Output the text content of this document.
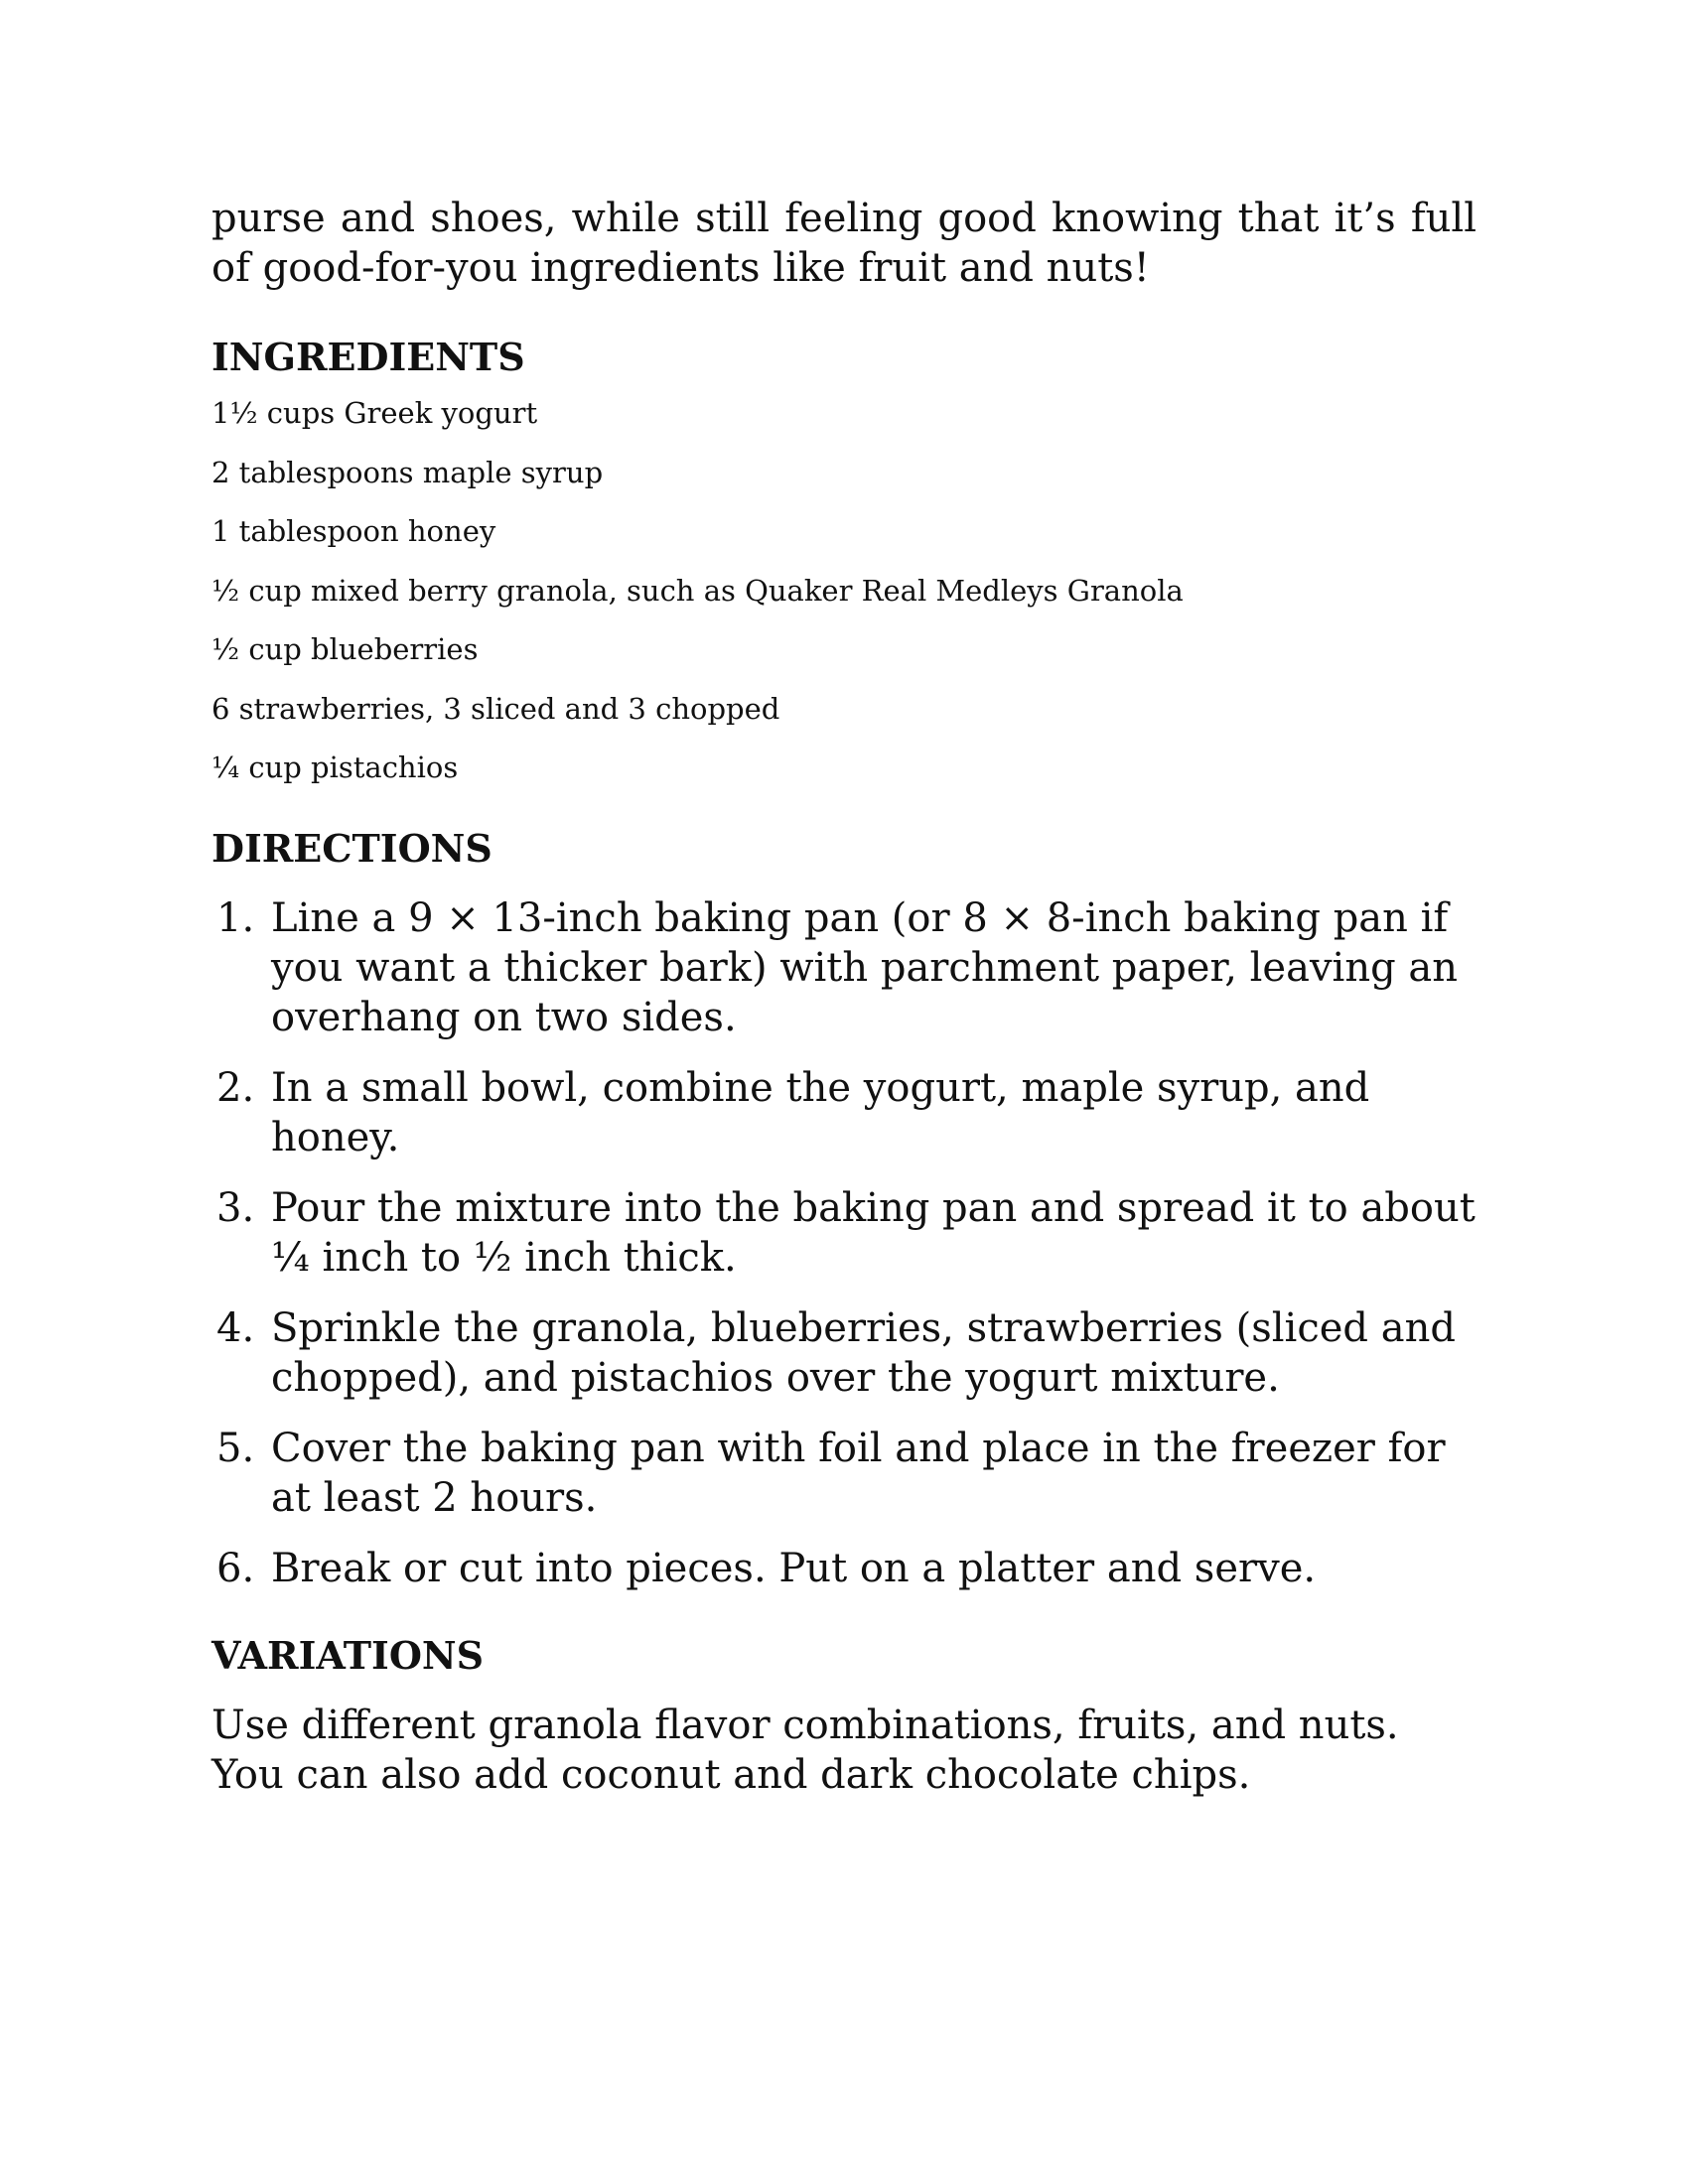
purse and shoes, while still feeling good knowing that it’s full of good-for-you ingredients like fruit and nuts!

INGREDIENTS
1½ cups Greek yogurt
2 tablespoons maple syrup
1 tablespoon honey
½ cup mixed berry granola, such as Quaker Real Medleys Granola
½ cup blueberries
6 strawberries, 3 sliced and 3 chopped
¼ cup pistachios
DIRECTIONS
1. Line a 9 × 13-inch baking pan (or 8 × 8-inch baking pan if you want a thicker bark) with parchment paper, leaving an overhang on two sides.
2. In a small bowl, combine the yogurt, maple syrup, and honey.
3. Pour the mixture into the baking pan and spread it to about ¼ inch to ½ inch thick.
4. Sprinkle the granola, blueberries, strawberries (sliced and chopped), and pistachios over the yogurt mixture.
5. Cover the baking pan with foil and place in the freezer for at least 2 hours.
6. Break or cut into pieces. Put on a platter and serve.
VARIATIONS

Use different granola flavor combinations, fruits, and nuts. You can also add coconut and dark chocolate chips.
